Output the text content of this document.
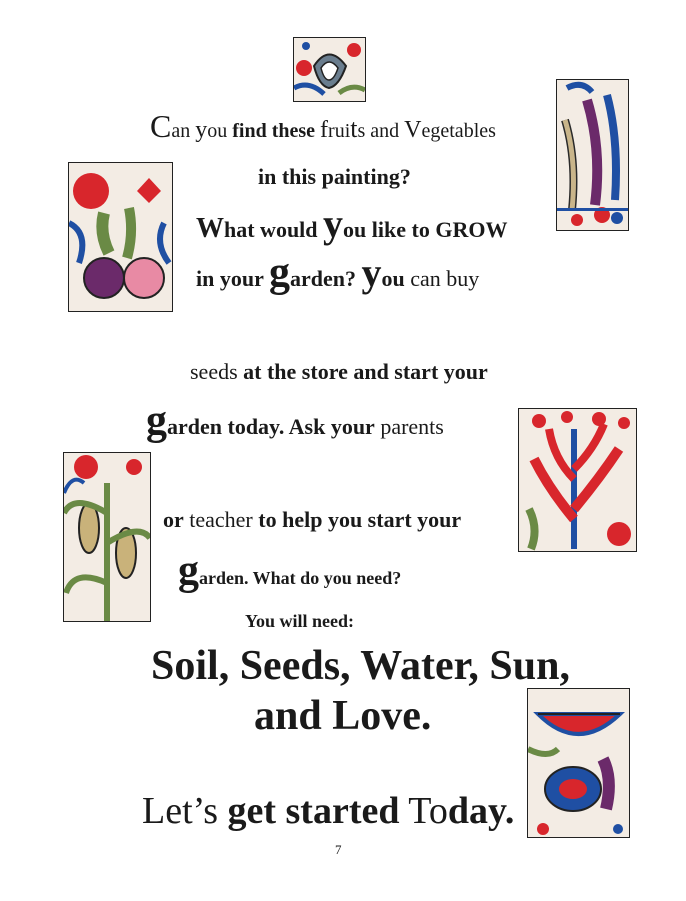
Can you find these fruits and Vegetables
in this painting?
What would you like to GROW
in your garden? you can buy
seeds at the store and start your
garden today. Ask your parents
or teacher to help you start your
garden. What do you need?
You will need:
Soil, Seeds, Water, Sun,
and Love.
Let’s get started Today.
7
